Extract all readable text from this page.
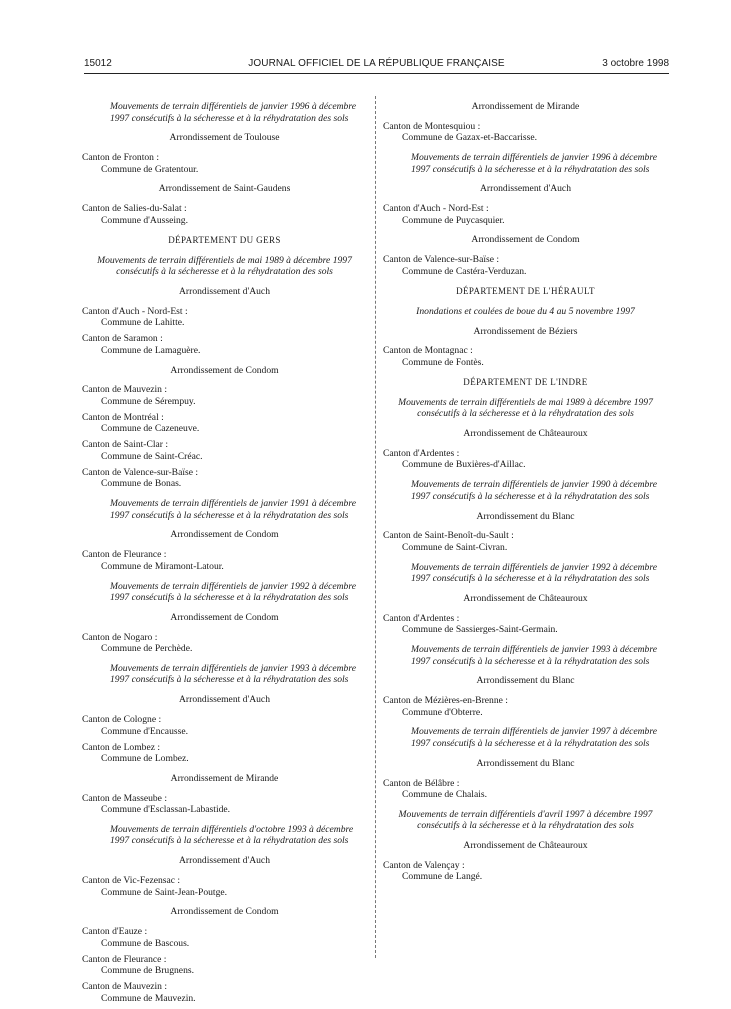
15012	JOURNAL OFFICIEL DE LA RÉPUBLIQUE FRANÇAISE	3 octobre 1998
Mouvements de terrain différentiels de janvier 1996 à décembre 1997 consécutifs à la sécheresse et à la réhydratation des sols
Arrondissement de Toulouse
Canton de Fronton :
Commune de Gratentour.
Arrondissement de Saint-Gaudens
Canton de Salies-du-Salat :
Commune d'Ausseing.
DÉPARTEMENT DU GERS
Mouvements de terrain différentiels de mai 1989 à décembre 1997 consécutifs à la sécheresse et à la réhydratation des sols
Arrondissement d'Auch
Canton d'Auch - Nord-Est :
Commune de Lahitte.
Canton de Saramon :
Commune de Lamaguère.
Arrondissement de Condom
Canton de Mauvezin :
Commune de Sérempuy.
Canton de Montréal :
Commune de Cazeneuve.
Canton de Saint-Clar :
Commune de Saint-Créac.
Canton de Valence-sur-Baïse :
Commune de Bonas.
Mouvements de terrain différentiels de janvier 1991 à décembre 1997 consécutifs à la sécheresse et à la réhydratation des sols
Arrondissement de Condom
Canton de Fleurance :
Commune de Miramont-Latour.
Mouvements de terrain différentiels de janvier 1992 à décembre 1997 consécutifs à la sécheresse et à la réhydratation des sols
Arrondissement de Condom
Canton de Nogaro :
Commune de Perchède.
Mouvements de terrain différentiels de janvier 1993 à décembre 1997 consécutifs à la sécheresse et à la réhydratation des sols
Arrondissement d'Auch
Canton de Cologne :
Commune d'Encausse.
Canton de Lombez :
Commune de Lombez.
Arrondissement de Mirande
Canton de Masseube :
Commune d'Esclassan-Labastide.
Mouvements de terrain différentiels d'octobre 1993 à décembre 1997 consécutifs à la sécheresse et à la réhydratation des sols
Arrondissement d'Auch
Canton de Vic-Fezensac :
Commune de Saint-Jean-Poutge.
Arrondissement de Condom
Canton d'Eauze :
Commune de Bascous.
Canton de Fleurance :
Commune de Brugnens.
Canton de Mauvezin :
Commune de Mauvezin.
Arrondissement de Mirande
Canton de Montesquiou :
Commune de Gazax-et-Baccarisse.
Mouvements de terrain différentiels de janvier 1996 à décembre 1997 consécutifs à la sécheresse et à la réhydratation des sols
Arrondissement d'Auch
Canton d'Auch - Nord-Est :
Commune de Puycasquier.
Arrondissement de Condom
Canton de Valence-sur-Baïse :
Commune de Castéra-Verduzan.
DÉPARTEMENT DE L'HÉRAULT
Inondations et coulées de boue du 4 au 5 novembre 1997
Arrondissement de Béziers
Canton de Montagnac :
Commune de Fontès.
DÉPARTEMENT DE L'INDRE
Mouvements de terrain différentiels de mai 1989 à décembre 1997 consécutifs à la sécheresse et à la réhydratation des sols
Arrondissement de Châteauroux
Canton d'Ardentes :
Commune de Buxières-d'Aillac.
Mouvements de terrain différentiels de janvier 1990 à décembre 1997 consécutifs à la sécheresse et à la réhydratation des sols
Arrondissement du Blanc
Canton de Saint-Benoît-du-Sault :
Commune de Saint-Civran.
Mouvements de terrain différentiels de janvier 1992 à décembre 1997 consécutifs à la sécheresse et à la réhydratation des sols
Arrondissement de Châteauroux
Canton d'Ardentes :
Commune de Sassierges-Saint-Germain.
Mouvements de terrain différentiels de janvier 1993 à décembre 1997 consécutifs à la sécheresse et à la réhydratation des sols
Arrondissement du Blanc
Canton de Mézières-en-Brenne :
Commune d'Obterre.
Mouvements de terrain différentiels de janvier 1997 à décembre 1997 consécutifs à la sécheresse et à la réhydratation des sols
Arrondissement du Blanc
Canton de Bélâbre :
Commune de Chalais.
Mouvements de terrain différentiels d'avril 1997 à décembre 1997 consécutifs à la sécheresse et à la réhydratation des sols
Arrondissement de Châteauroux
Canton de Valençay :
Commune de Langé.
